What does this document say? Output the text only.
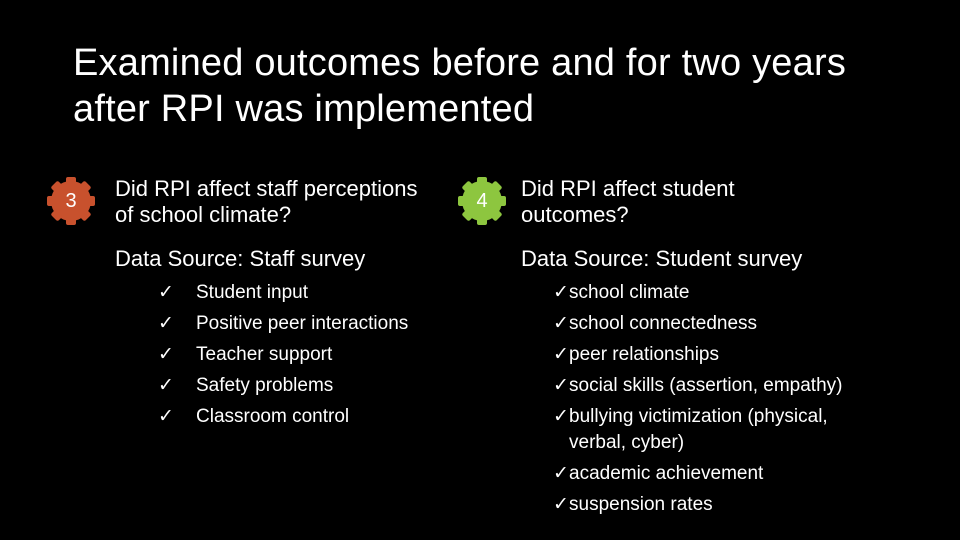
Examined outcomes before and for two years
after RPI was implemented
3	Did RPI affect staff perceptions
of school climate?
Data Source: Staff survey
✓	Student input
✓	Positive peer interactions
✓	Teacher support
✓	Safety problems
✓	Classroom control
4	Did RPI affect student
outcomes?
Data Source: Student survey
✓ school climate
✓ school connectedness
✓ peer relationships
✓ social skills (assertion, empathy)
✓ bullying victimization (physical, verbal, cyber)
✓ academic achievement
✓ suspension rates
